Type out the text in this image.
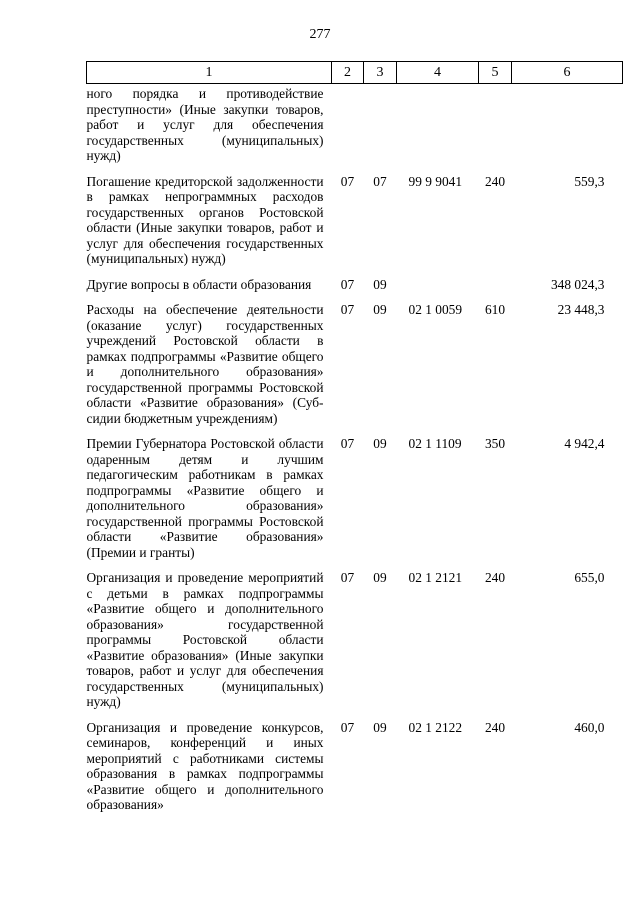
277
1	2	3	4	5	6
ного порядка и противодействие преступности» (Иные закупки товаров, работ и услуг для обеспечения государственных (муниципальных) нужд)					
Погашение кредиторской задолженности в рамках непрограммных расходов государственных органов Ростовской области (Иные закупки товаров, работ и услуг для обеспечения государственных (муниципальных) нужд)	07	07	99 9 9041	240	559,3
Другие вопросы в области образования	07	09			348 024,3
Расходы на обеспечение деятельности (оказание услуг) государственных учреждений Ростовской области в рамках подпрограммы «Развитие общего и дополнительного образования» государственной программы Ростовской области «Развитие образования» (Субсидии бюджетным учреждениям)	07	09	02 1 0059	610	23 448,3
Премии Губернатора Ростовской области одаренным детям и лучшим педагогическим работникам в рамках подпрограммы «Развитие общего и дополнительного образования» государственной программы Ростовской области «Развитие образования» (Премии и гранты)	07	09	02 1 1109	350	4 942,4
Организация и проведение мероприятий с детьми в рамках подпрограммы «Развитие общего и дополнительного образования» государственной программы Ростовской области «Развитие образования» (Иные закупки товаров, работ и услуг для обеспечения государственных (муниципальных) нужд)	07	09	02 1 2121	240	655,0
Организация и проведение конкурсов, семинаров, конференций и иных мероприятий с работниками системы образования в рамках подпрограммы «Развитие общего и дополнительного образования»	07	09	02 1 2122	240	460,0
